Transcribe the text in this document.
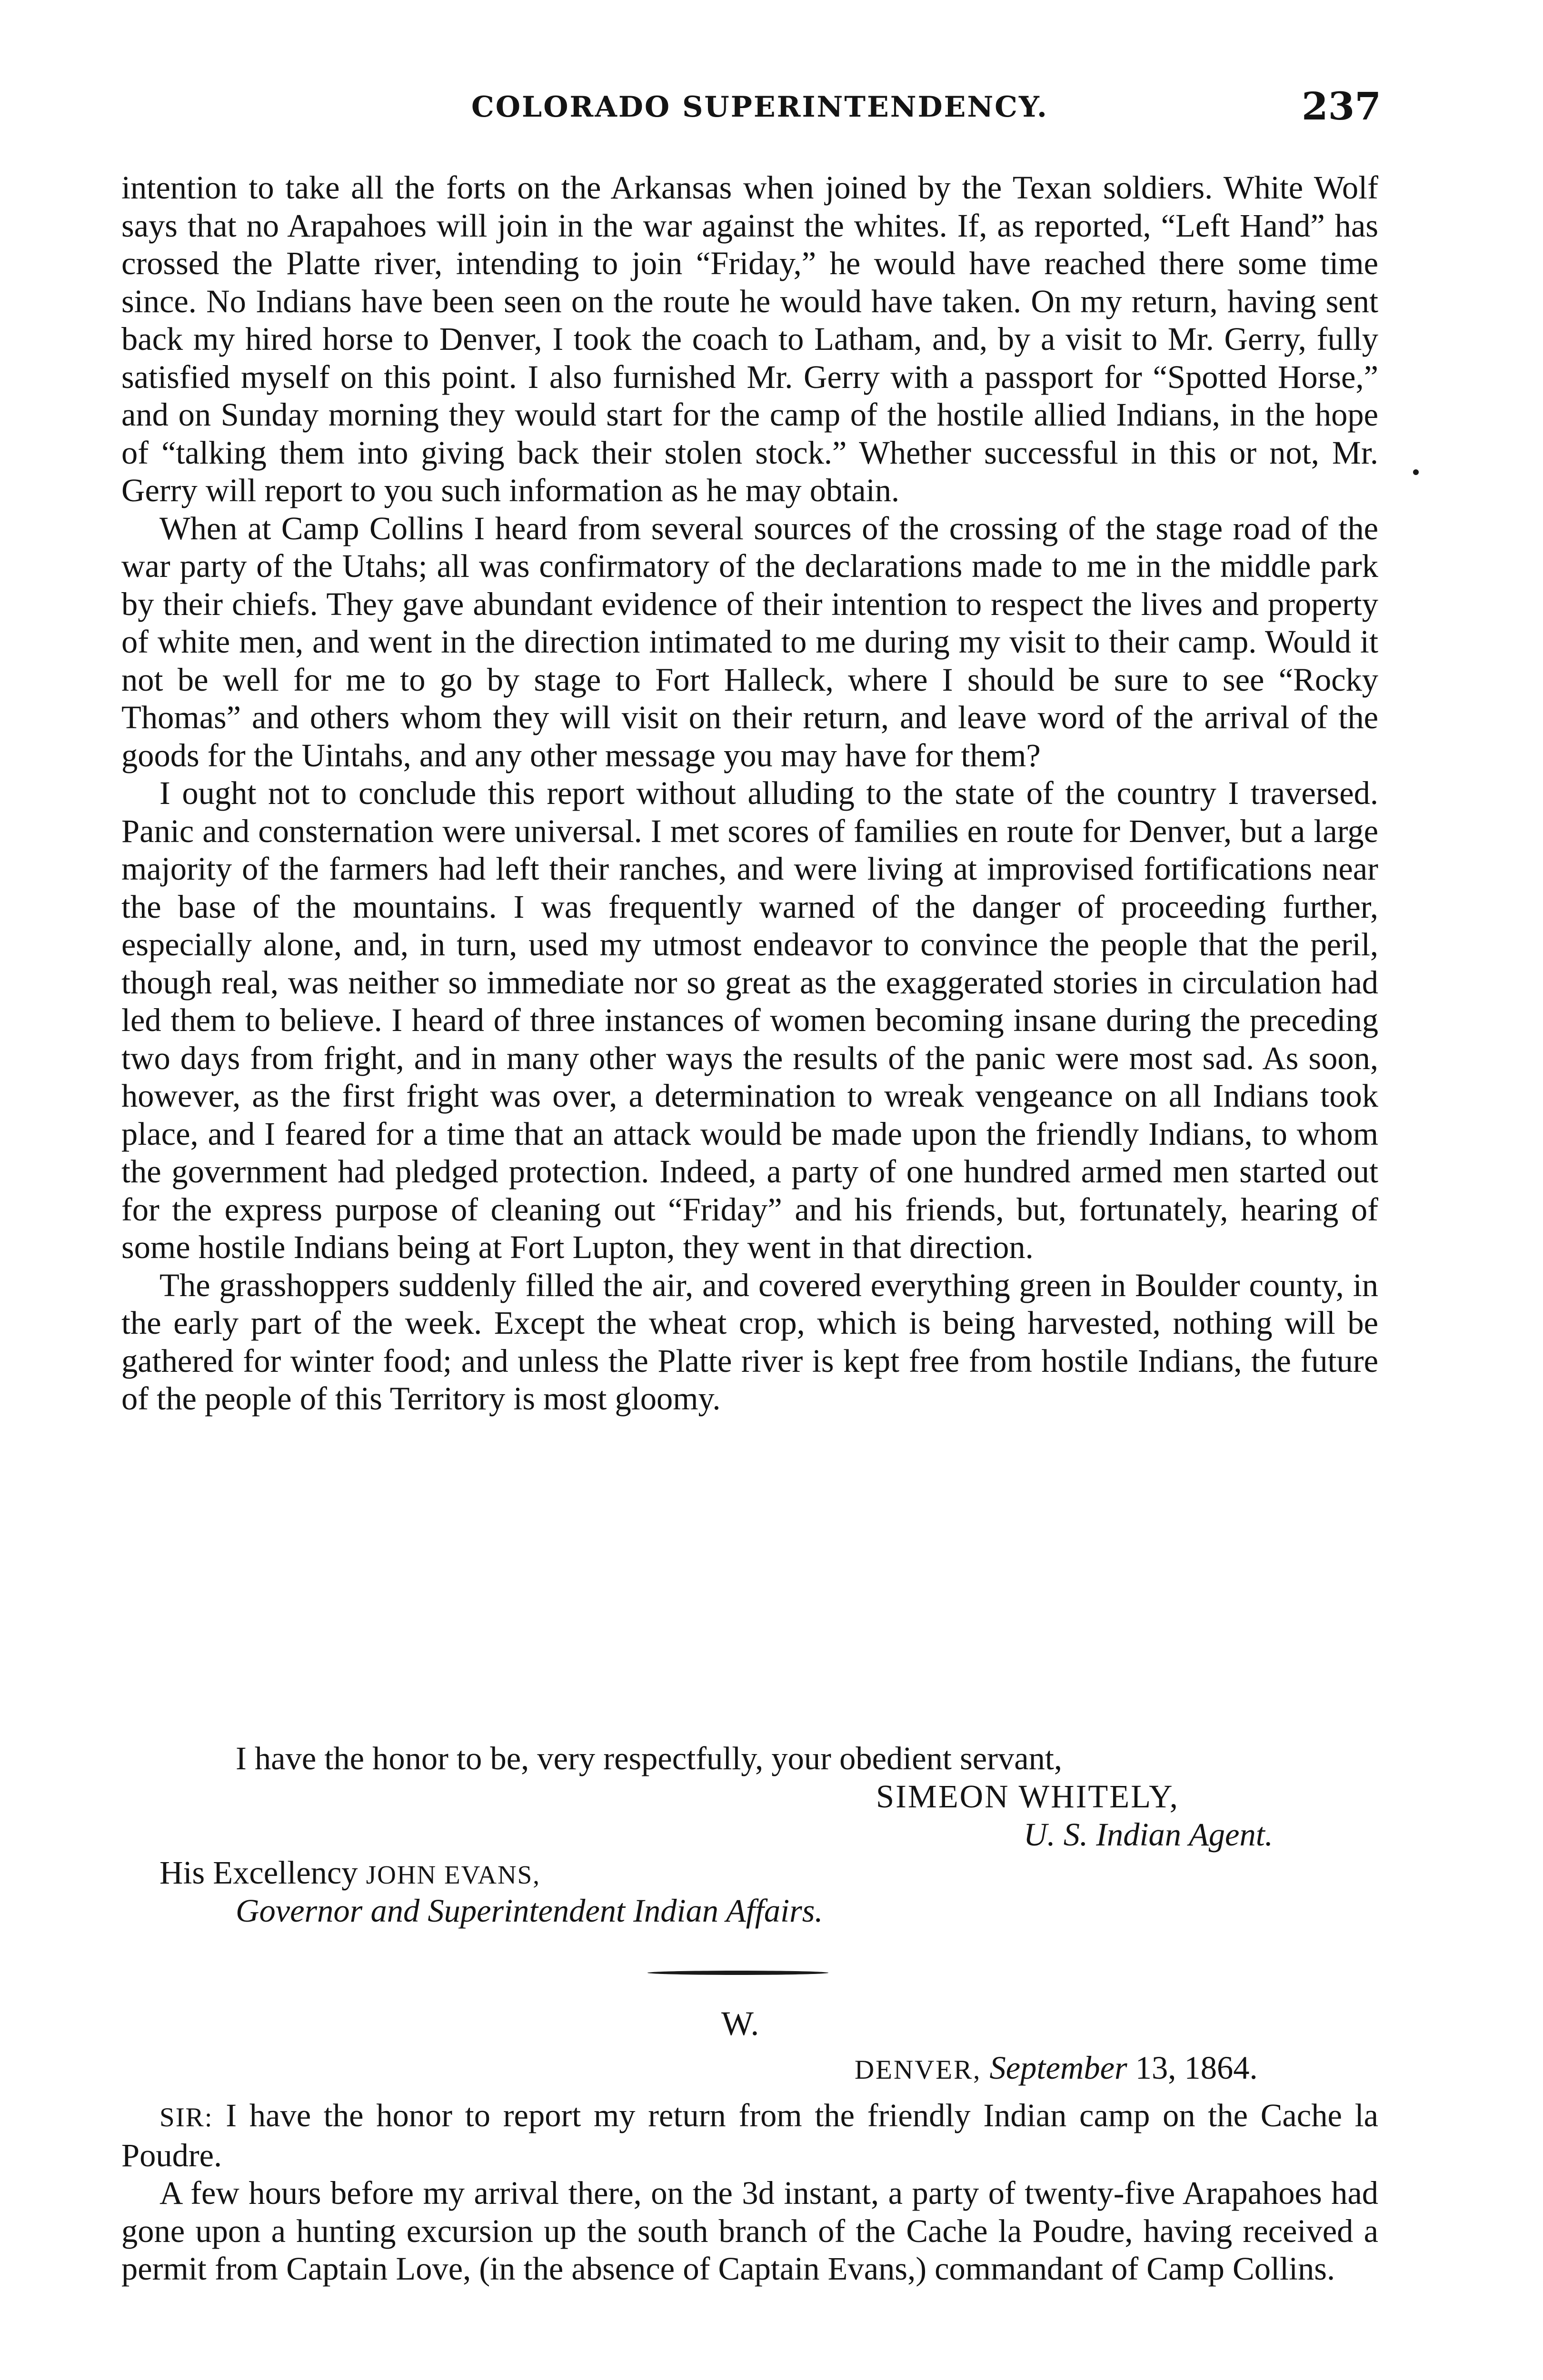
COLORADO SUPERINTENDENCY.	237

intention to take all the forts on the Arkansas when joined by the Texan soldiers. White Wolf says that no Arapahoes will join in the war against the whites. If, as reported, “Left Hand” has crossed the Platte river, intending to join “Friday,” he would have reached there some time since. No Indians have been seen on the route he would have taken. On my return, having sent back my hired horse to Denver, I took the coach to Latham, and, by a visit to Mr. Gerry, fully satisfied myself on this point. I also furnished Mr. Gerry with a passport for “Spotted Horse,” and on Sunday morning they would start for the camp of the hostile allied Indians, in the hope of “talking them into giving back their stolen stock.” Whether successful in this or not, Mr. Gerry will report to you such information as he may obtain.

When at Camp Collins I heard from several sources of the crossing of the stage road of the war party of the Utahs; all was confirmatory of the declarations made to me in the middle park by their chiefs. They gave abundant evidence of their intention to respect the lives and property of white men, and went in the direction intimated to me during my visit to their camp. Would it not be well for me to go by stage to Fort Halleck, where I should be sure to see “Rocky Thomas” and others whom they will visit on their return, and leave word of the arrival of the goods for the Uintahs, and any other message you may have for them?

I ought not to conclude this report without alluding to the state of the country I traversed. Panic and consternation were universal. I met scores of families en route for Denver, but a large majority of the farmers had left their ranches, and were living at improvised fortifications near the base of the mountains. I was frequently warned of the danger of proceeding further, especially alone, and, in turn, used my utmost endeavor to convince the people that the peril, though real, was neither so immediate nor so great as the exaggerated stories in circulation had led them to believe. I heard of three instances of women becoming insane during the preceding two days from fright, and in many other ways the results of the panic were most sad. As soon, however, as the first fright was over, a determination to wreak vengeance on all Indians took place, and I feared for a time that an attack would be made upon the friendly Indians, to whom the government had pledged protection. Indeed, a party of one hundred armed men started out for the express purpose of cleaning out “Friday” and his friends, but, fortunately, hearing of some hostile Indians being at Fort Lupton, they went in that direction.

The grasshoppers suddenly filled the air, and covered everything green in Boulder county, in the early part of the week. Except the wheat crop, which is being harvested, nothing will be gathered for winter food; and unless the Platte river is kept free from hostile Indians, the future of the people of this Territory is most gloomy.

I have the honor to be, very respectfully, your obedient servant,
SIMEON WHITELY,
U. S. Indian Agent.
His Excellency JOHN EVANS,
Governor and Superintendent Indian Affairs.
W.
DENVER, September 13, 1864.

SIR: I have the honor to report my return from the friendly Indian camp on the Cache la Poudre.

A few hours before my arrival there, on the 3d instant, a party of twenty-five Arapahoes had gone upon a hunting excursion up the south branch of the Cache la Poudre, having received a permit from Captain Love, (in the absence of Captain Evans,) commandant of Camp Collins.
